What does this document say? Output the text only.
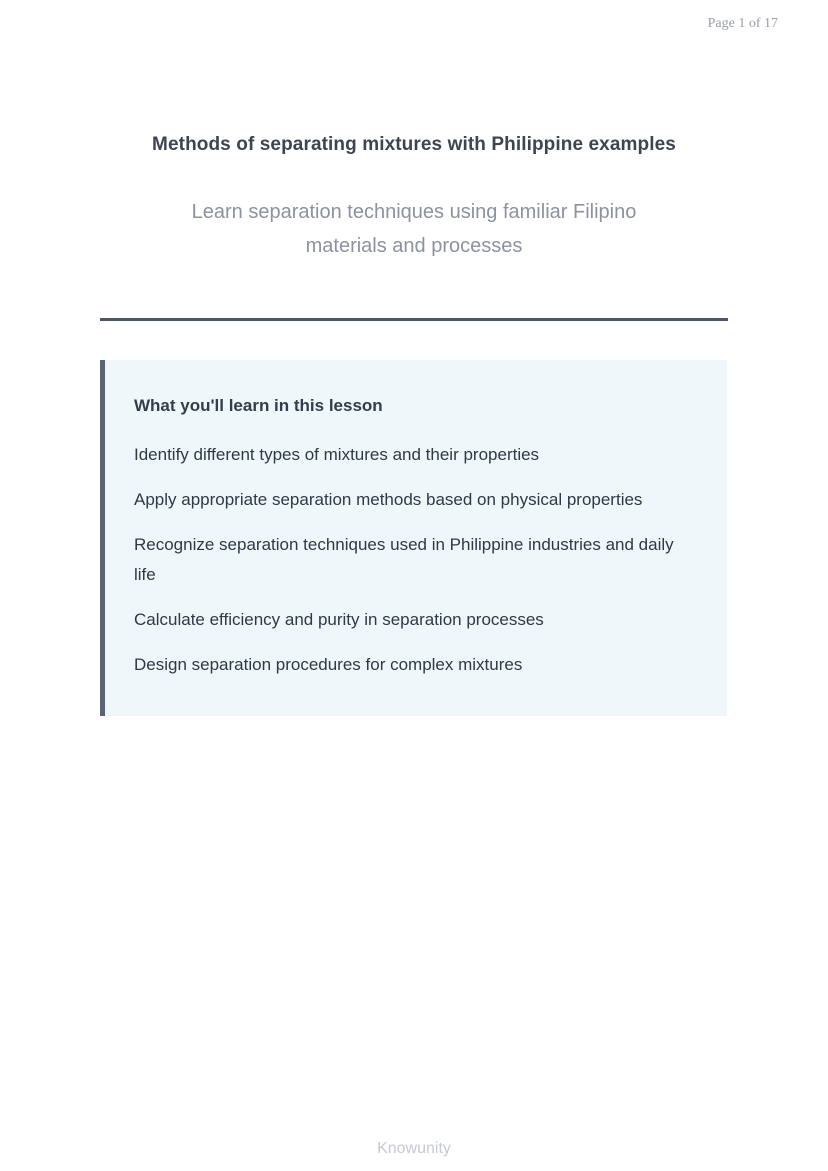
Page 1 of 17
Methods of separating mixtures with Philippine examples

Learn separation techniques using familiar Filipino materials and processes

What you'll learn in this lesson
Identify different types of mixtures and their properties
Apply appropriate separation methods based on physical properties
Recognize separation techniques used in Philippine industries and daily life
Calculate efficiency and purity in separation processes
Design separation procedures for complex mixtures
Knowunity
